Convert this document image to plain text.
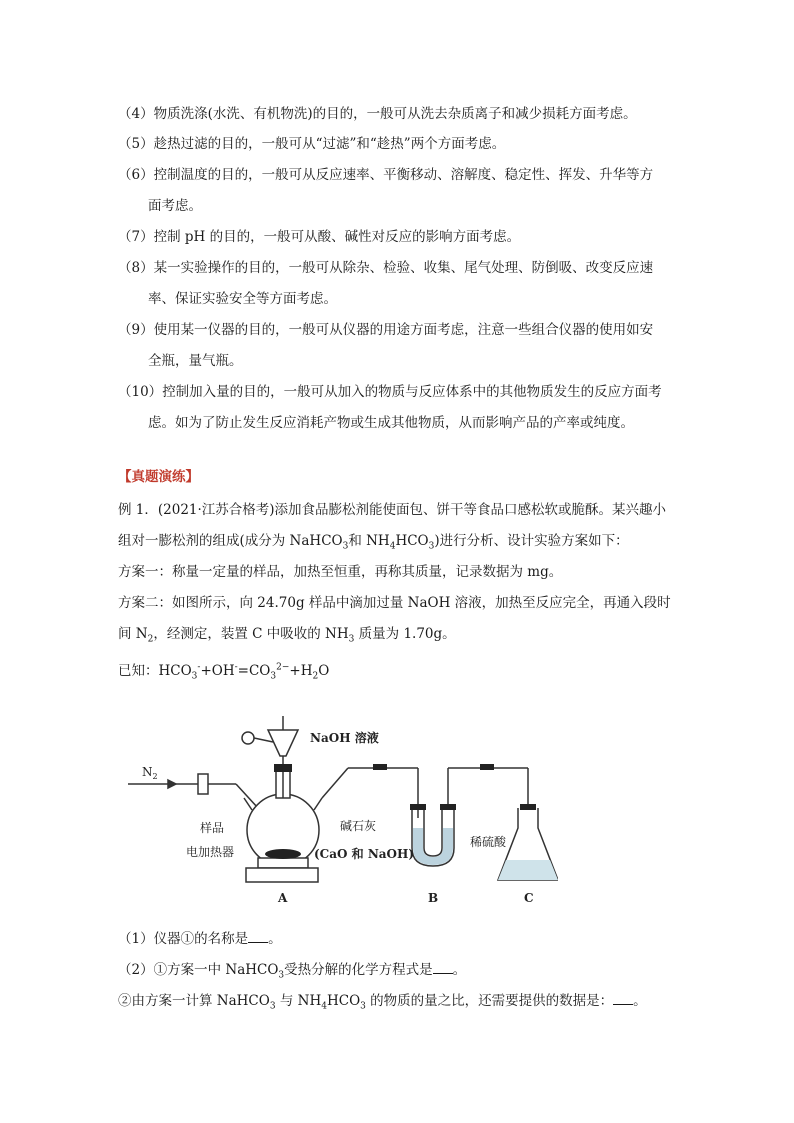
（4）物质洗涤(水洗、有机物洗)的目的，一般可从洗去杂质离子和减少损耗方面考虑。
（5）趁热过滤的目的，一般可从“过滤”和“趁热”两个方面考虑。
（6）控制温度的目的，一般可从反应速率、平衡移动、溶解度、稳定性、挥发、升华等方
面考虑。
（7）控制 pH 的目的，一般可从酸、碱性对反应的影响方面考虑。
（8）某一实验操作的目的，一般可从除杂、检验、收集、尾气处理、防倒吸、改变反应速
率、保证实验安全等方面考虑。
（9）使用某一仪器的目的，一般可从仪器的用途方面考虑，注意一些组合仪器的使用如安
全瓶，量气瓶。
（10）控制加入量的目的，一般可从加入的物质与反应体系中的其他物质发生的反应方面考
虑。如为了防止发生反应消耗产物或生成其他物质，从而影响产品的产率或纯度。
【真题演练】
例 1．(2021·江苏合格考)添加食品膨松剂能使面包、饼干等食品口感松软或脆酥。某兴趣小
组对一膨松剂的组成(成分为 NaHCO$_3$和 $NH_4HCO_3$)进行分析、设计实验方案如下：
方案一：称量一定量的样品，加热至恒重，再称其质量，记录数据为 mg。
方案二：如图所示，向 24.70g 样品中滴加过量 NaOH 溶液，加热至反应完全，再通入段时
间 $N_2$，经测定，装置 C 中吸收的 $NH_3$ 质量为 1.70g。
已知：$HCO_3^-+OH^-=CO_3^{2-}+H_2O$
$N_2$
NaOH 溶液
样品
电加热器
碱石灰
(CaO 和 NaOH)
稀硫酸
A	B	C
（1）仪器①的名称是 。
（2）①方案一中 NaHCO$_3$受热分解的化学方程式是 。
②由方案一计算 NaHCO$_3$ 与 $NH_4HCO_3$ 的物质的量之比，还需要提供的数据是： 。
